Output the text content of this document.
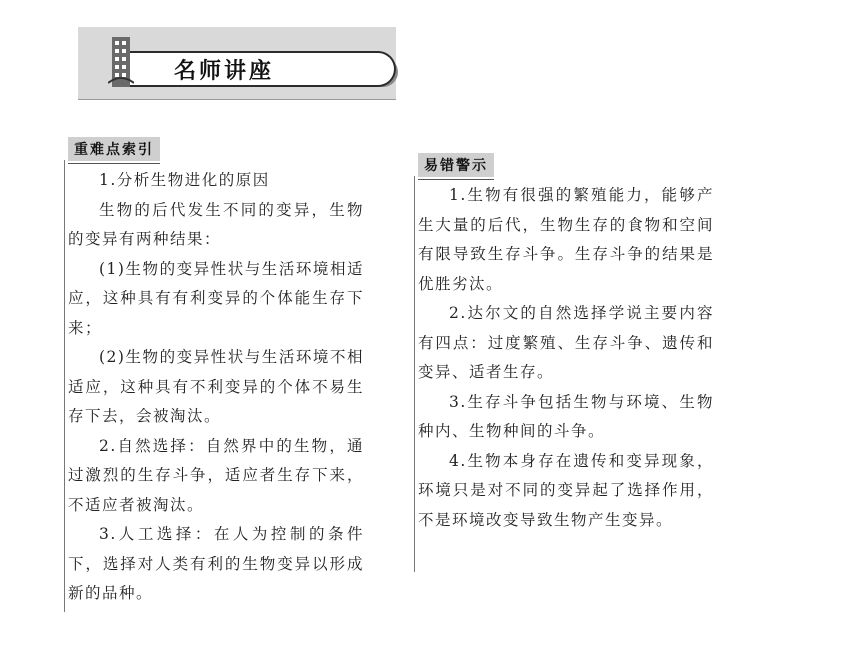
名师讲座
重难点索引

1.分析生物进化的原因

生物的后代发生不同的变异，生物的变异有两种结果：

(1)生物的变异性状与生活环境相适应，这种具有有利变异的个体能生存下来；

(2)生物的变异性状与生活环境不相适应，这种具有不利变异的个体不易生存下去，会被淘汰。

2.自然选择：自然界中的生物，通过激烈的生存斗争，适应者生存下来，不适应者被淘汰。

3.人工选择：在人为控制的条件下，选择对人类有利的生物变异以形成新的品种。

易错警示

1.生物有很强的繁殖能力，能够产生大量的后代，生物生存的食物和空间有限导致生存斗争。生存斗争的结果是优胜劣汰。

2.达尔文的自然选择学说主要内容有四点：过度繁殖、生存斗争、遗传和变异、适者生存。

3.生存斗争包括生物与环境、生物种内、生物种间的斗争。

4.生物本身存在遗传和变异现象，环境只是对不同的变异起了选择作用，不是环境改变导致生物产生变异。
